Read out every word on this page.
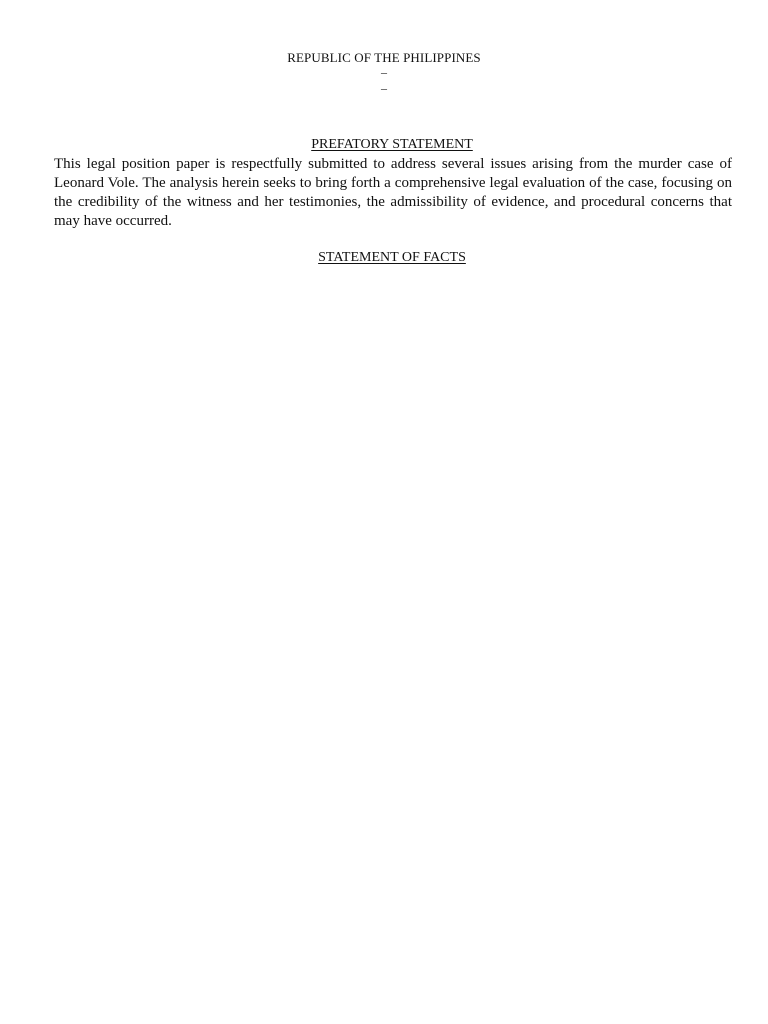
REPUBLIC OF THE PHILIPPINES

–

–

PREFATORY STATEMENT

This legal position paper is respectfully submitted to address several issues arising from the murder case of Leonard Vole. The analysis herein seeks to bring forth a comprehensive legal evaluation of the case, focusing on the credibility of the witness and her testimonies, the admissibility of evidence, and procedural concerns that may have occurred.

STATEMENT OF FACTS
